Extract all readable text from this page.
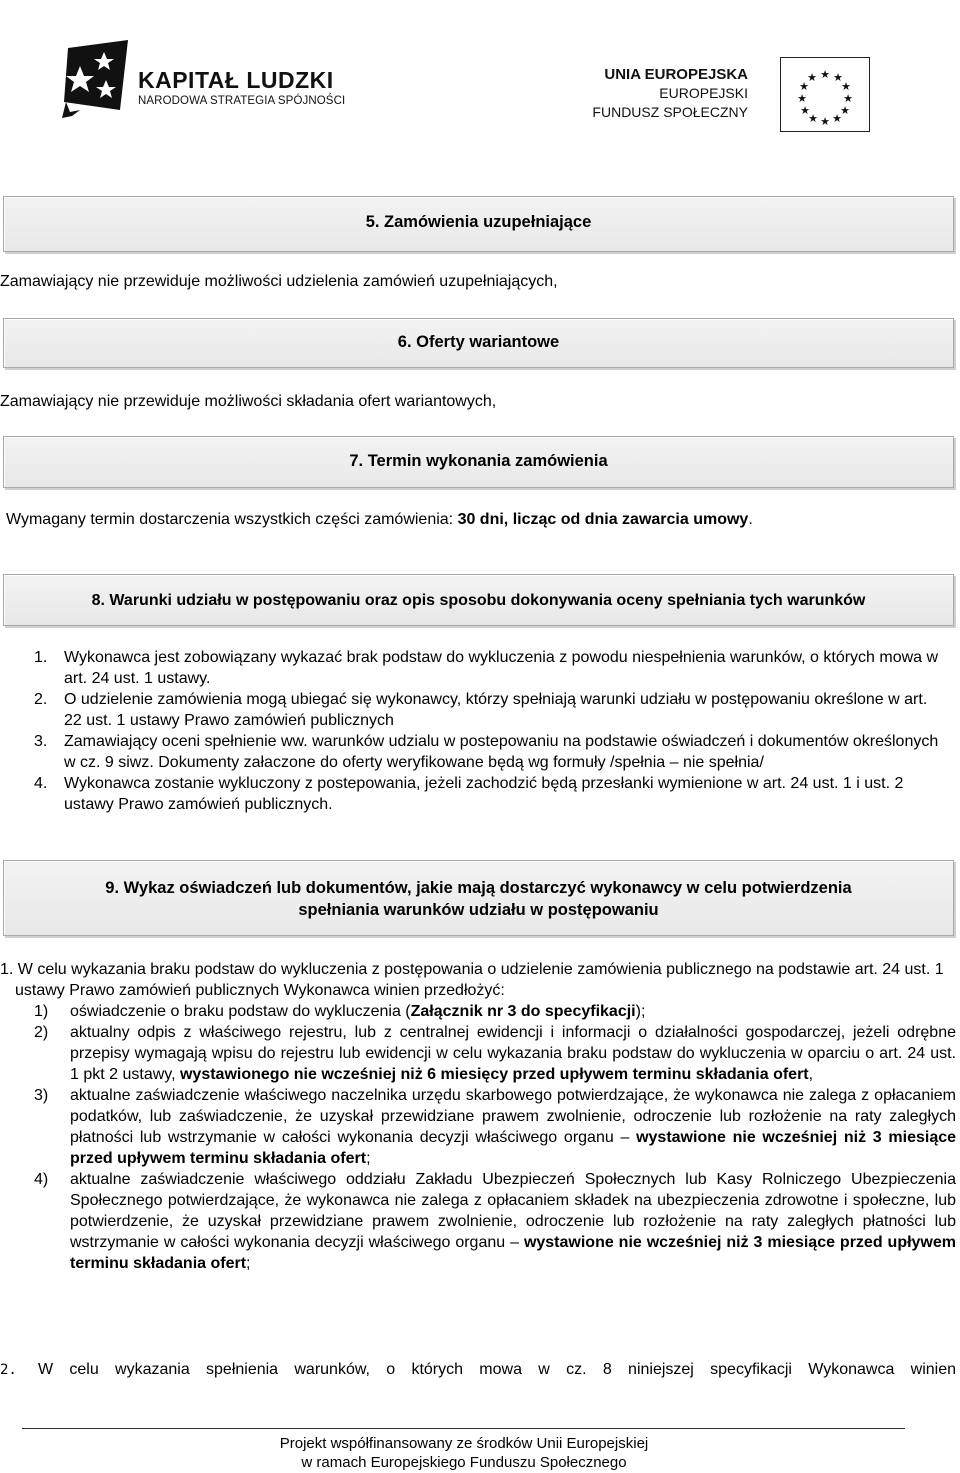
KAPITAŁ LUDZKI
NARODOWA STRATEGIA SPÓJNOŚCI
UNIA EUROPEJSKA
EUROPEJSKI
FUNDUSZ SPOŁECZNY
★ ★
★
★
★
★
★
★
★
★
★
★
5. Zamówienia uzupełniające
Zamawiający nie przewiduje możliwości udzielenia zamówień uzupełniających,
6. Oferty wariantowe
Zamawiający nie przewiduje możliwości składania ofert wariantowych,
7. Termin wykonania zamówienia
Wymagany termin dostarczenia wszystkich części zamówienia: 30 dni, licząc od dnia zawarcia umowy.
8. Warunki udziału w postępowaniu oraz opis sposobu dokonywania oceny spełniania tych warunków
1. Wykonawca jest zobowiązany wykazać brak podstaw do wykluczenia z powodu niespełnienia warunków, o których mowa w art. 24 ust. 1 ustawy.
2. O udzielenie zamówienia mogą ubiegać się wykonawcy, którzy spełniają warunki udziału w postępowaniu określone w art. 22 ust. 1 ustawy Prawo zamówień publicznych
3. Zamawiający oceni spełnienie ww. warunków udzialu w postepowaniu na podstawie oświadczeń i dokumentów określonych w cz. 9 siwz. Dokumenty załaczone do oferty weryfikowane będą wg formuły /spełnia – nie spełnia/
4. Wykonawca zostanie wykluczony z postepowania, jeżeli zachodzić będą przesłanki wymienione w art. 24 ust. 1 i ust. 2 ustawy Prawo zamówień publicznych.
9. Wykaz oświadczeń lub dokumentów, jakie mają dostarczyć wykonawcy w celu potwierdzenia
spełniania warunków udziału w postępowaniu
1. W celu wykazania braku podstaw do wykluczenia z postępowania o udzielenie zamówienia publicznego na podstawie art. 24 ust. 1 ustawy Prawo zamówień publicznych Wykonawca winien przedłożyć:
1) oświadczenie o braku podstaw do wykluczenia (Załącznik nr 3 do specyfikacji);
2) aktualny odpis z właściwego rejestru, lub z centralnej ewidencji i informacji o działalności gospodarczej, jeżeli odrębne przepisy wymagają wpisu do rejestru lub ewidencji w celu wykazania braku podstaw do wykluczenia w oparciu o art. 24 ust. 1 pkt 2 ustawy, wystawionego nie wcześniej niż 6 miesięcy przed upływem terminu składania ofert,
3) aktualne zaświadczenie właściwego naczelnika urzędu skarbowego potwierdzające, że wykonawca nie zalega z opłacaniem podatków, lub zaświadczenie, że uzyskał przewidziane prawem zwolnienie, odroczenie lub rozłożenie na raty zaległych płatności lub wstrzymanie w całości wykonania decyzji właściwego organu – wystawione nie wcześniej niż 3 miesiące przed upływem terminu składania ofert;
4) aktualne zaświadczenie właściwego oddziału Zakładu Ubezpieczeń Społecznych lub Kasy Rolniczego Ubezpieczenia Społecznego potwierdzające, że wykonawca nie zalega z opłacaniem składek na ubezpieczenia zdrowotne i społeczne, lub potwierdzenie, że uzyskał przewidziane prawem zwolnienie, odroczenie lub rozłożenie na raty zaległych płatności lub wstrzymanie w całości wykonania decyzji właściwego organu – wystawione nie wcześniej niż 3 miesiące przed upływem terminu składania ofert;
2. W celu wykazania spełnienia warunków, o których mowa w cz. 8 niniejszej specyfikacji Wykonawca winien
Projekt współfinansowany ze środków Unii Europejskiej
w ramach Europejskiego Funduszu Społecznego
